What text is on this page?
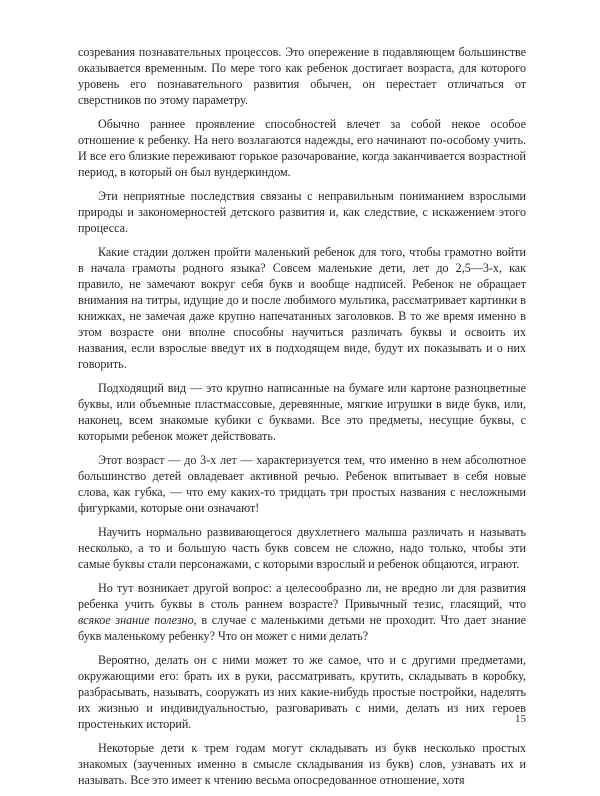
созревания познавательных процессов. Это опережение в подавляющем большинстве оказывается временным. По мере того как ребенок достигает возраста, для которого уровень его познавательного развития обычен, он перестает отличаться от сверстников по этому параметру.

Обычно раннее проявление способностей влечет за собой некое особое отношение к ребенку. На него возлагаются надежды, его начинают по-особому учить. И все его близкие переживают горькое разочарование, когда заканчивается возрастной период, в который он был вундеркиндом.

Эти неприятные последствия связаны с неправильным пониманием взрослыми природы и закономерностей детского развития и, как следствие, с искажением этого процесса.

Какие стадии должен пройти маленький ребенок для того, чтобы грамотно войти в начала грамоты родного языка? Совсем маленькие дети, лет до 2,5—3-х, как правило, не замечают вокруг себя букв и вообще надписей. Ребенок не обращает внимания на титры, идущие до и после любимого мультика, рассматривает картинки в книжках, не замечая даже крупно напечатанных заголовков. В то же время именно в этом возрасте они вполне способны научиться различать буквы и освоить их названия, если взрослые введут их в подходящем виде, будут их показывать и о них говорить.

Подходящий вид — это крупно написанные на бумаге или картоне разноцветные буквы, или объемные пластмассовые, деревянные, мягкие игрушки в виде букв, или, наконец, всем знакомые кубики с буквами. Все это предметы, несущие буквы, с которыми ребенок может действовать.

Этот возраст — до 3-х лет — характеризуется тем, что именно в нем абсолютное большинство детей овладевает активной речью. Ребенок впитывает в себя новые слова, как губка, — что ему каких-то тридцать три простых названия с несложными фигурками, которые они означают!

Научить нормально развивающегося двухлетнего малыша различать и называть несколько, а то и большую часть букв совсем не сложно, надо только, чтобы эти самые буквы стали персонажами, с которыми взрослый и ребенок общаются, играют.

Но тут возникает другой вопрос: а целесообразно ли, не вредно ли для развития ребенка учить буквы в столь раннем возрасте? Привычный тезис, гласящий, что всякое знание полезно, в случае с маленькими детьми не проходит. Что дает знание букв маленькому ребенку? Что он может с ними делать?

Вероятно, делать он с ними может то же самое, что и с другими предметами, окружающими его: брать их в руки, рассматривать, крутить, складывать в коробку, разбрасывать, называть, сооружать из них какие-нибудь простые постройки, наделять их жизнью и индивидуальностью, разговаривать с ними, делать из них героев простеньких историй.

Некоторые дети к трем годам могут складывать из букв несколько простых знакомых (заученных именно в смысле складывания из букв) слов, узнавать их и называть. Все это имеет к чтению весьма опосредованное отношение, хотя

15
